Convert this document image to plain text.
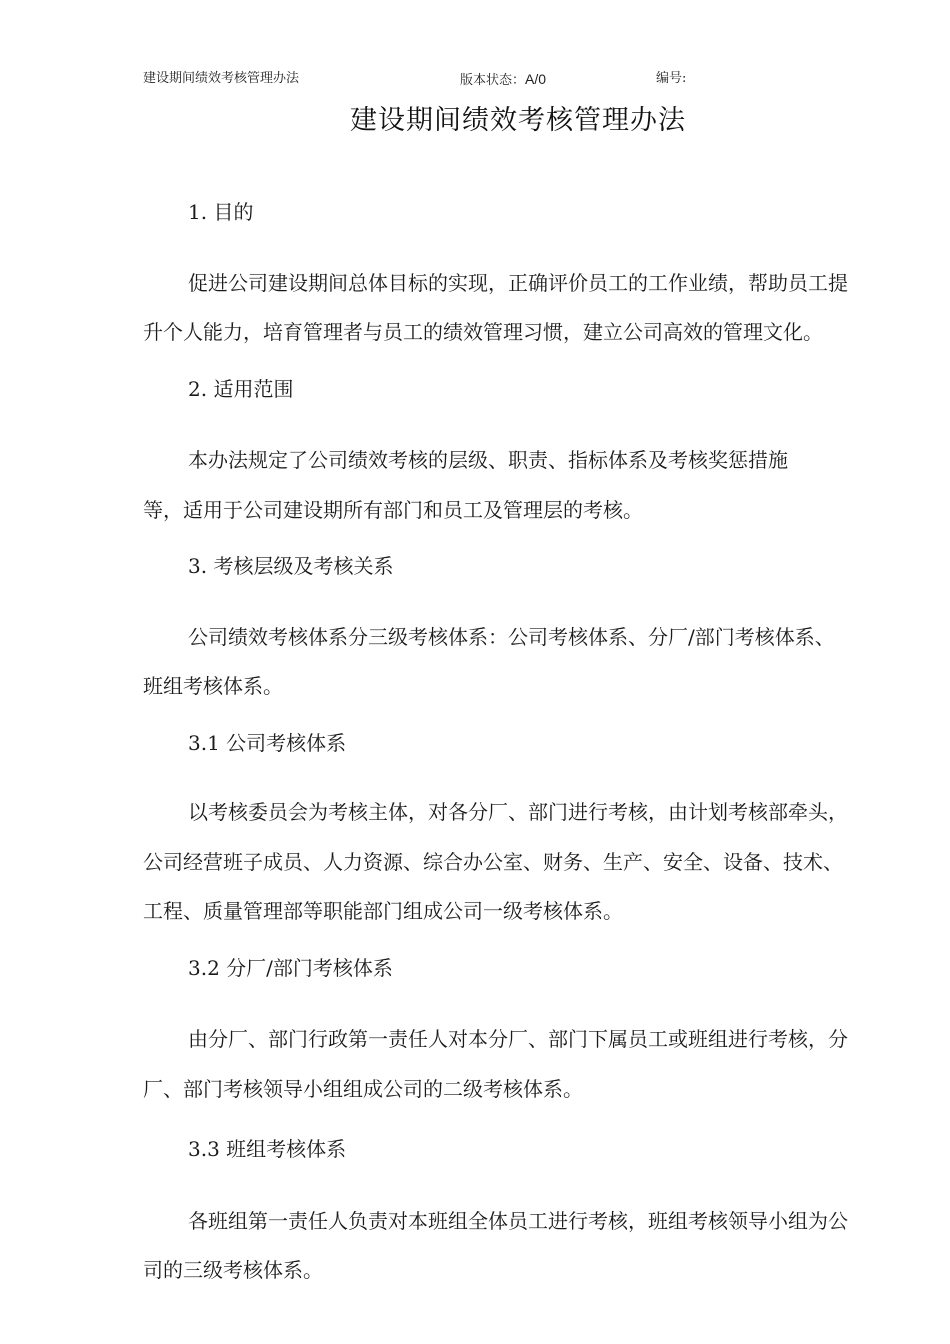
建设期间绩效考核管理办法	版本状态：A/0	编号:
建设期间绩效考核管理办法
1. 目的
促进公司建设期间总体目标的实现，正确评价员工的工作业绩，帮助员工提
升个人能力，培育管理者与员工的绩效管理习惯，建立公司高效的管理文化。
2. 适用范围
本办法规定了公司绩效考核的层级、职责、指标体系及考核奖惩措施
等，适用于公司建设期所有部门和员工及管理层的考核。
3. 考核层级及考核关系
公司绩效考核体系分三级考核体系：公司考核体系、分厂/部门考核体系、
班组考核体系。
3.1 公司考核体系
以考核委员会为考核主体，对各分厂、部门进行考核，由计划考核部牵头，
公司经营班子成员、人力资源、综合办公室、财务、生产、安全、设备、技术、
工程、质量管理部等职能部门组成公司一级考核体系。
3.2 分厂/部门考核体系
由分厂、部门行政第一责任人对本分厂、部门下属员工或班组进行考核，分
厂、部门考核领导小组组成公司的二级考核体系。
3.3 班组考核体系
各班组第一责任人负责对本班组全体员工进行考核，班组考核领导小组为公
司的三级考核体系。
